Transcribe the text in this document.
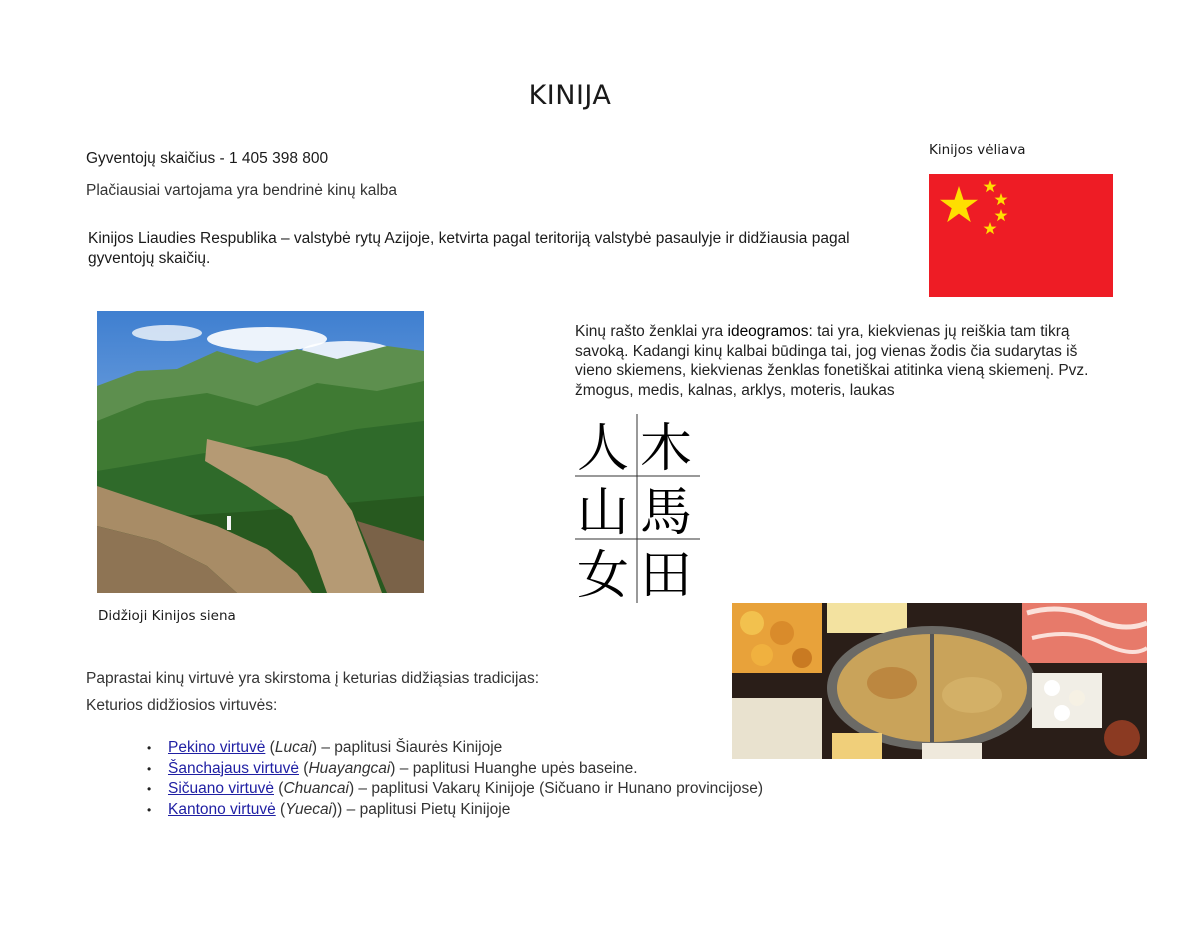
KINIJA
Gyventojų skaičius - 1 405 398 800
Plačiausiai vartojama yra bendrinė kinų kalba
Kinijos Liaudies Respublika – valstybė rytų Azijoje, ketvirta pagal teritoriją valstybė pasaulyje ir didžiausia pagal gyventojų skaičių.
Kinijos vėliava
Didžioji Kinijos siena
Kinų rašto ženklai yra ideogramos: tai yra, kiekvienas jų reiškia tam tikrą savoką. Kadangi kinų kalbai būdinga tai, jog vienas žodis čia sudarytas iš vieno skiemens, kiekvienas ženklas fonetiškai atitinka vieną skiemenį. Pvz. žmogus, medis, kalnas, arklys, moteris, laukas
人 木
山 馬
女 田
Paprastai kinų virtuvė yra skirstoma į keturias didžiąsias tradicijas:
Keturios didžiosios virtuvės:
• Pekino virtuvė (Lucai) – paplitusi Šiaurės Kinijoje
• Šanchajaus virtuvė (Huayangcai) – paplitusi Huanghe upės baseine.
• Sičuano virtuvė (Chuancai) – paplitusi Vakarų Kinijoje (Sičuano ir Hunano provincijose)
• Kantono virtuvė (Yuecai)) – paplitusi Pietų Kinijoje
